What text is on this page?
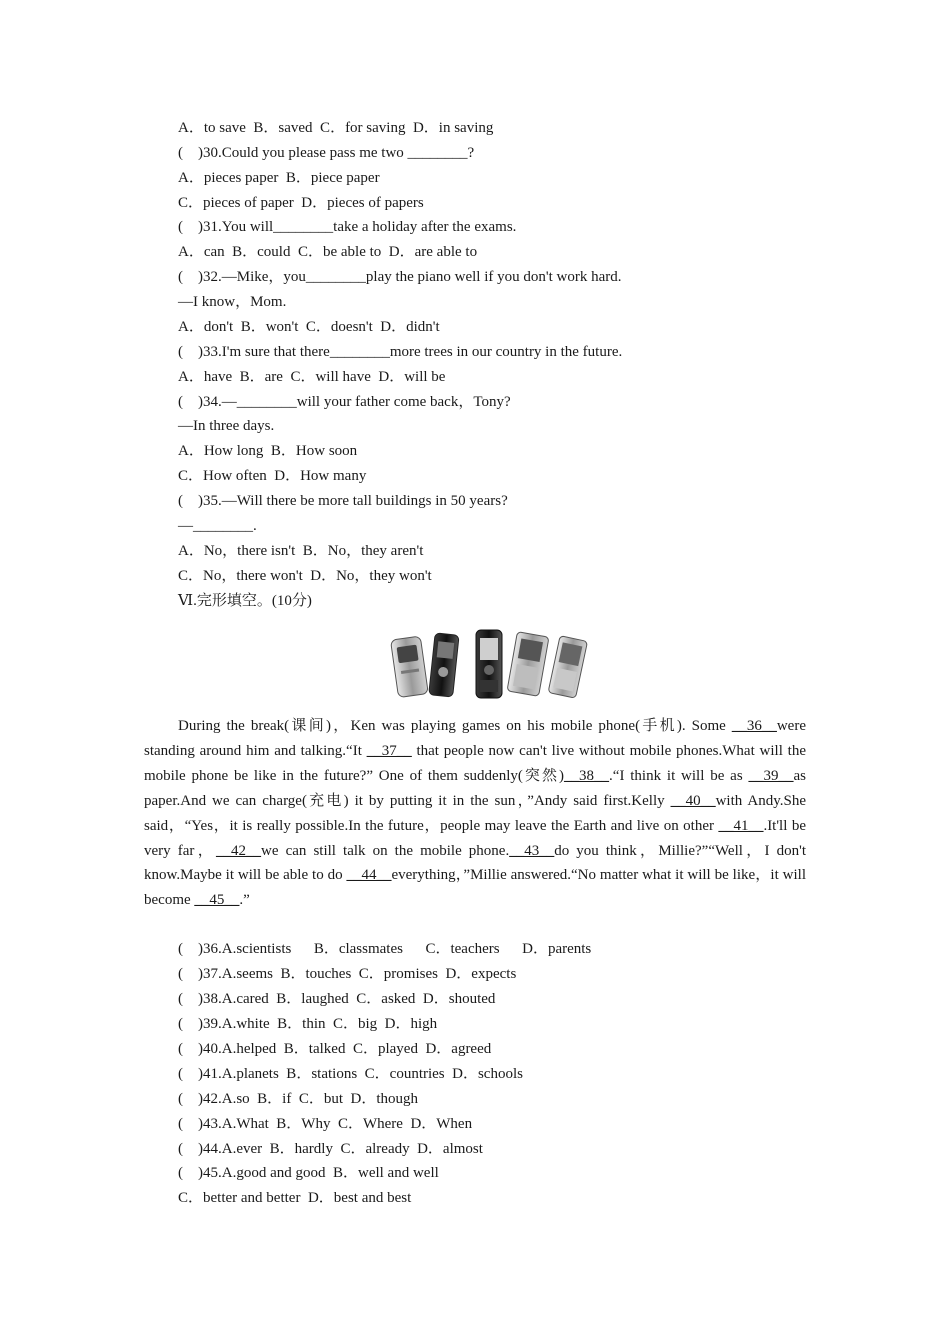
A．to save  B．saved  C．for saving  D．in saving
(    )30.Could you please pass me two ________?
A．pieces paper  B．piece paper
C．pieces of paper  D．pieces of papers
(    )31.You will________take a holiday after the exams.
A．can  B．could  C．be able to  D．are able to
(    )32.—Mike，you________play the piano well if you don't work hard.
—I know，Mom.
A．don't  B．won't  C．doesn't  D．didn't
(    )33.I'm sure that there________more trees in our country in the future.
A．have  B．are  C．will have  D．will be
(    )34.—________will your father come back，Tony?
—In three days.
A．How long  B．How soon
C．How often  D．How many
(    )35.—Will there be more tall buildings in 50 years?
—________.
A．No，there isn't  B．No，they aren't
C．No，there won't  D．No，they won't
Ⅵ.完形填空。(10分)
During the break(课间)，Ken was playing games on his mobile phone(手机). Some __36__were standing around him and talking.“It __37__ that people now can't live without mobile phones.What will the mobile phone be like in the future?” One of them suddenly(突然)__38__.“I think it will be as __39__as paper.And we can charge(充电) it by putting it in the sun，”Andy said first.Kelly __40__with Andy.She said，“Yes，it is really possible.In the future，people may leave the Earth and live on other __41__.It'll be very far，__42__we can still talk on the mobile phone.__43__do you think，Millie?”“Well，I don't know.Maybe it will be able to do __44__everything，”Millie answered.“No matter what it will be like，it will become __45__.”
(    )36.A.scientists      B．classmates      C．teachers      D．parents
(    )37.A.seems  B．touches  C．promises  D．expects
(    )38.A.cared  B．laughed  C．asked  D．shouted
(    )39.A.white  B．thin  C．big  D．high
(    )40.A.helped  B．talked  C．played  D．agreed
(    )41.A.planets  B．stations  C．countries  D．schools
(    )42.A.so  B．if  C．but  D．though
(    )43.A.What  B．Why  C．Where  D．When
(    )44.A.ever  B．hardly  C．already  D．almost
(    )45.A.good and good  B．well and well
C．better and better  D．best and best
